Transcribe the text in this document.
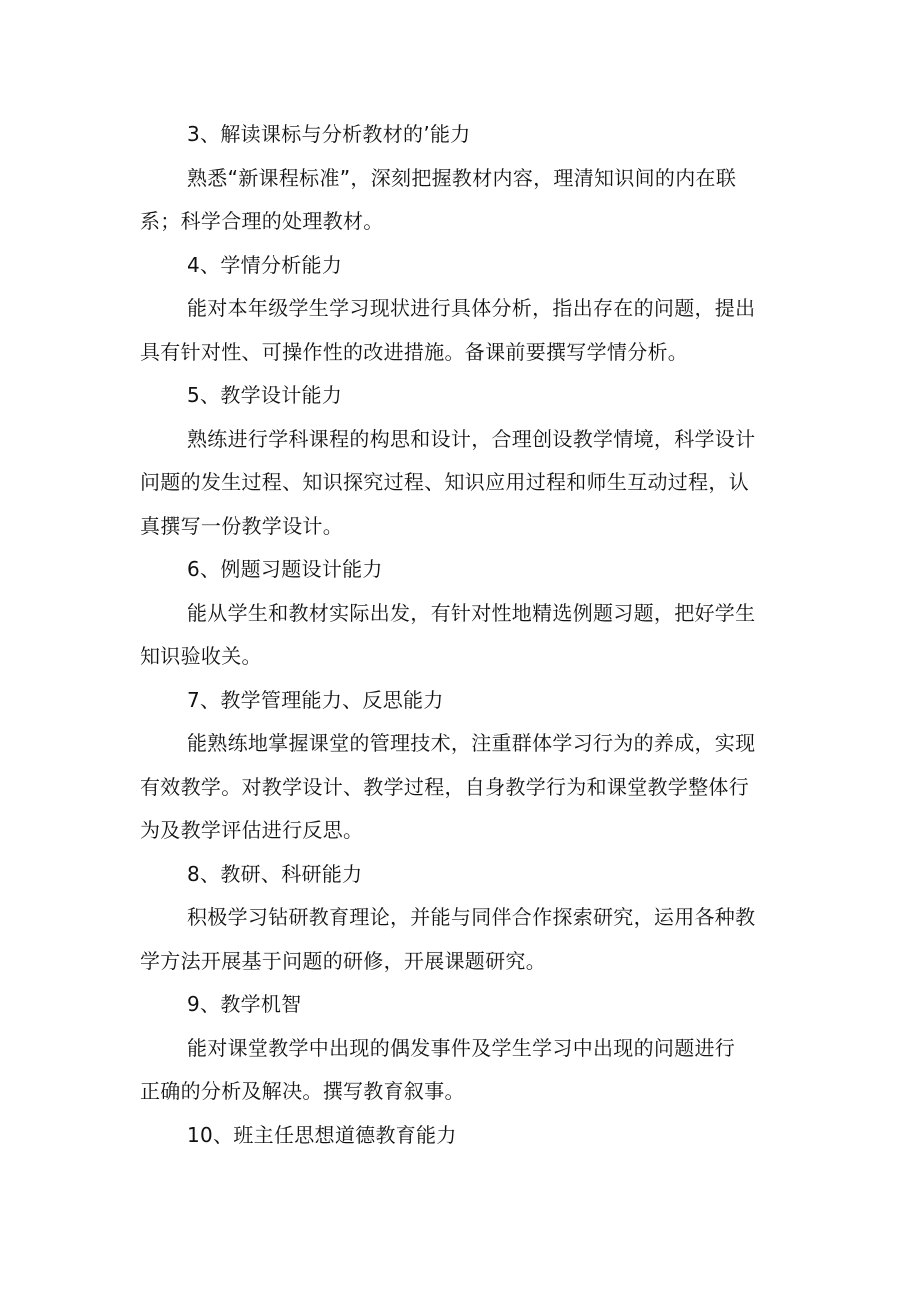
3、解读课标与分析教材的’能力
熟悉“新课程标准”，深刻把握教材内容，理清知识间的内在联
系；科学合理的处理教材。
4、学情分析能力
能对本年级学生学习现状进行具体分析，指出存在的问题，提出
具有针对性、可操作性的改进措施。备课前要撰写学情分析。
5、教学设计能力
熟练进行学科课程的构思和设计，合理创设教学情境，科学设计
问题的发生过程、知识探究过程、知识应用过程和师生互动过程，认
真撰写一份教学设计。
6、例题习题设计能力
能从学生和教材实际出发，有针对性地精选例题习题，把好学生
知识验收关。
7、教学管理能力、反思能力
能熟练地掌握课堂的管理技术，注重群体学习行为的养成，实现
有效教学。对教学设计、教学过程，自身教学行为和课堂教学整体行
为及教学评估进行反思。
8、教研、科研能力
积极学习钻研教育理论，并能与同伴合作探索研究，运用各种教
学方法开展基于问题的研修，开展课题研究。
9、教学机智
能对课堂教学中出现的偶发事件及学生学习中出现的问题进行
正确的分析及解决。撰写教育叙事。
10、班主任思想道德教育能力
